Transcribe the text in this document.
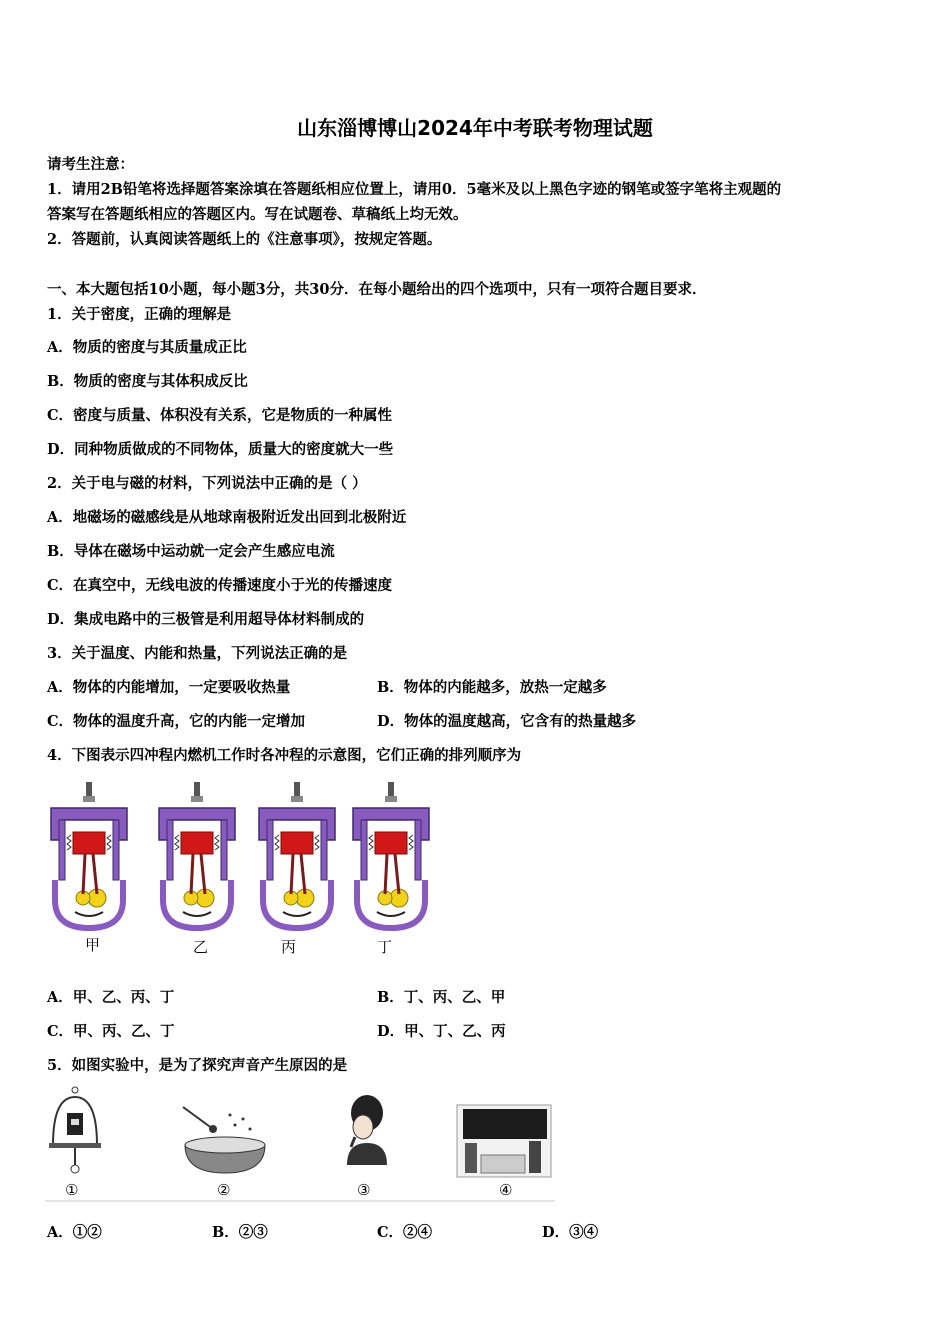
山东淄博博山2024年中考联考物理试题
请考生注意：
1．请用2B铅笔将选择题答案涂填在答题纸相应位置上，请用0．5毫米及以上黑色字迹的钢笔或签字笔将主观题的
答案写在答题纸相应的答题区内。写在试题卷、草稿纸上均无效。
2．答题前，认真阅读答题纸上的《注意事项》，按规定答题。
一、本大题包括10小题，每小题3分，共30分．在每小题给出的四个选项中，只有一项符合题目要求．
1．关于密度，正确的理解是
A．物质的密度与其质量成正比
B．物质的密度与其体积成反比
C．密度与质量、体积没有关系，它是物质的一种属性
D．同种物质做成的不同物体，质量大的密度就大一些
2．关于电与磁的材料，下列说法中正确的是（ ）
A．地磁场的磁感线是从地球南极附近发出回到北极附近
B．导体在磁场中运动就一定会产生感应电流
C．在真空中，无线电波的传播速度小于光的传播速度
D．集成电路中的三极管是利用超导体材料制成的
3．关于温度、内能和热量，下列说法正确的是
A．物体的内能增加，一定要吸收热量	B．物体的内能越多，放热一定越多
C．物体的温度升高，它的内能一定增加	D．物体的温度越高，它含有的热量越多
4．下图表示四冲程内燃机工作时各冲程的示意图，它们正确的排列顺序为
甲	乙	丙	丁
A．甲、乙、丙、丁	B．丁、丙、乙、甲
C．甲、丙、乙、丁	D．甲、丁、乙、丙
5．如图实验中，是为了探究声音产生原因的是
①	②	③	④
A．①②	B．②③	C．②④	D．③④
